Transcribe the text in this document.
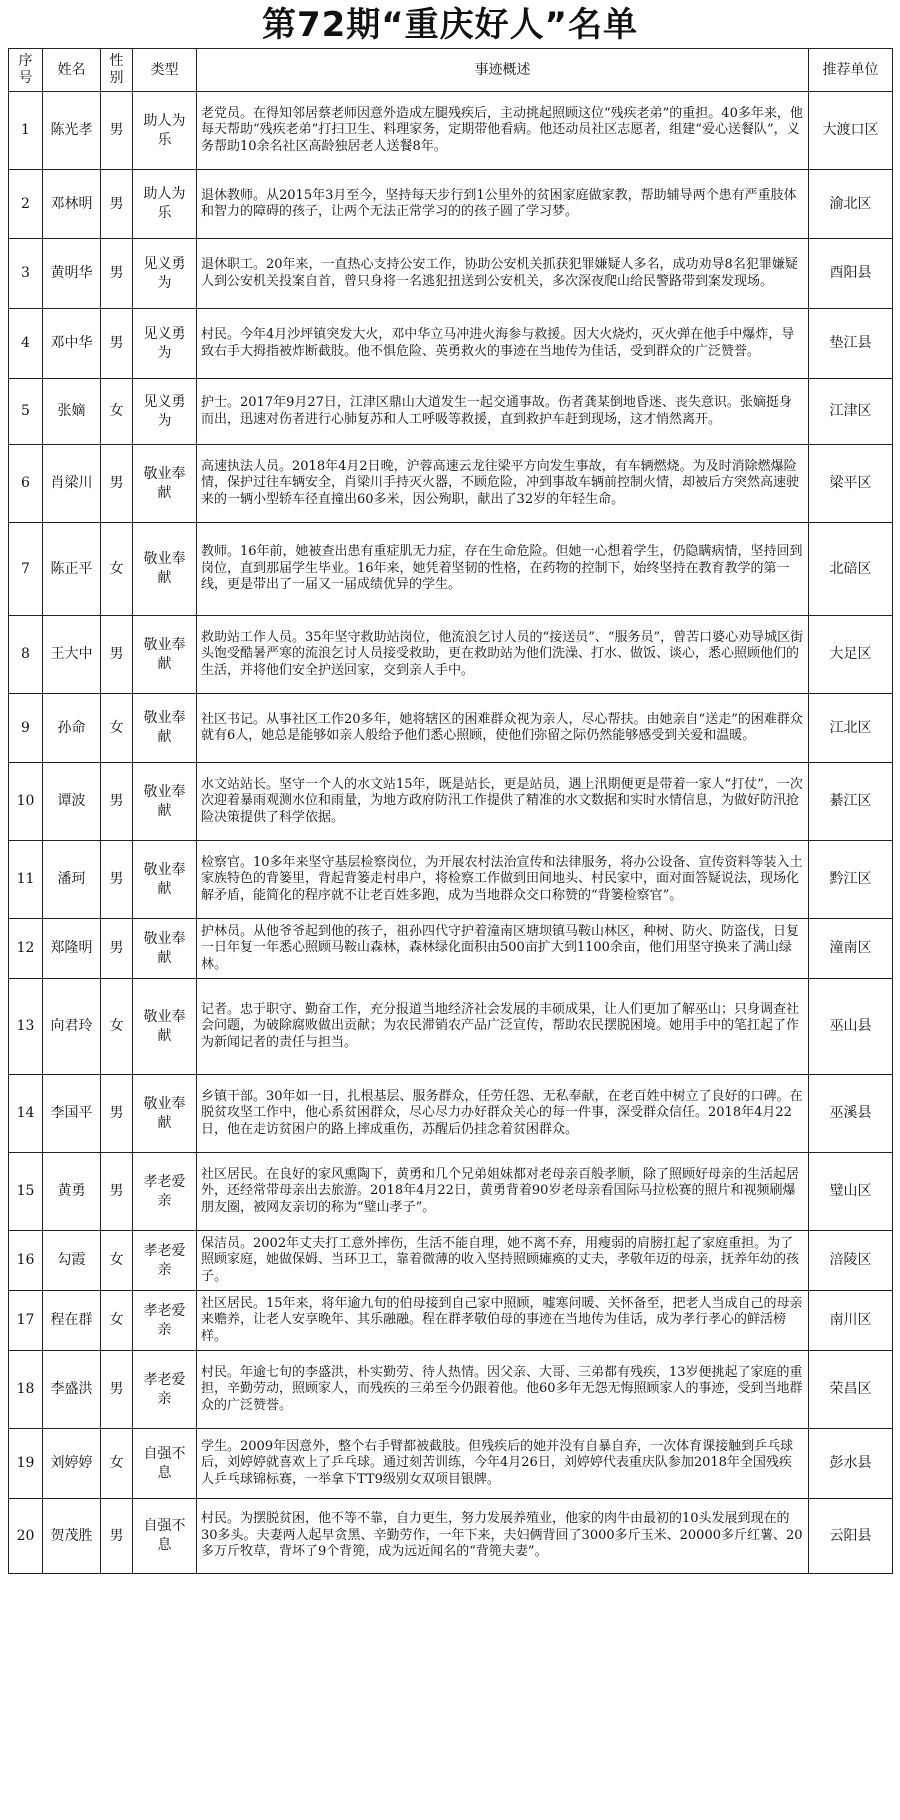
第72期“重庆好人”名单
序号	姓名	性别	类型	事迹概述	推荐单位
1	陈光孝	男	助人为乐	老党员。在得知邻居蔡老师因意外造成左腿残疾后，主动挑起照顾这位“残疾老弟”的重担。40多年来，他每天帮助“残疾老弟”打扫卫生、料理家务，定期带他看病。他还动员社区志愿者，组建“爱心送餐队”，义务帮助10余名社区高龄独居老人送餐8年。	大渡口区
2	邓林明	男	助人为乐	退休教师。从2015年3月至今，坚持每天步行到1公里外的贫困家庭做家教，帮助辅导两个患有严重肢体和智力的障碍的孩子，让两个无法正常学习的的孩子圆了学习梦。	渝北区
3	黄明华	男	见义勇为	退休职工。20年来，一直热心支持公安工作，协助公安机关抓获犯罪嫌疑人多名，成功劝导8名犯罪嫌疑人到公安机关投案自首，曾只身将一名逃犯扭送到公安机关，多次深夜爬山给民警路带到案发现场。	酉阳县
4	邓中华	男	见义勇为	村民。今年4月沙坪镇突发大火，邓中华立马冲进火海参与救援。因大火烧灼，灭火弹在他手中爆炸，导致右手大拇指被炸断截肢。他不惧危险、英勇救火的事迹在当地传为佳话，受到群众的广泛赞誉。	垫江县
5	张嫡	女	见义勇为	护士。2017年9月27日，江津区鼎山大道发生一起交通事故。伤者龚某倒地昏迷、丧失意识。张嫡挺身而出，迅速对伤者进行心肺复苏和人工呼吸等救援，直到救护车赶到现场，这才悄然离开。	江津区
6	肖梁川	男	敬业奉献	高速执法人员。2018年4月2日晚，沪蓉高速云龙往梁平方向发生事故，有车辆燃烧。为及时消除燃爆险情，保护过往车辆安全，肖梁川手持灭火器，不顾危险，冲到事故车辆前控制火情，却被后方突然高速驶来的一辆小型轿车径直撞出60多米，因公殉职，献出了32岁的年轻生命。	梁平区
7	陈正平	女	敬业奉献	教师。16年前，她被查出患有重症肌无力症，存在生命危险。但她一心想着学生，仍隐瞒病情，坚持回到岗位，直到那届学生毕业。16年来，她凭着坚韧的性格，在药物的控制下，始终坚持在教育教学的第一线，更是带出了一届又一届成绩优异的学生。	北碚区
8	王大中	男	敬业奉献	救助站工作人员。35年坚守救助站岗位，他流浪乞讨人员的“接送员”、“服务员”，曾苦口婆心劝导城区街头饱受酷暑严寒的流浪乞讨人员接受救助，更在救助站为他们洗澡、打水、做饭、谈心，悉心照顾他们的生活，并将他们安全护送回家，交到亲人手中。	大足区
9	孙命	女	敬业奉献	社区书记。从事社区工作20多年，她将辖区的困难群众视为亲人，尽心帮扶。由她亲自“送走”的困难群众就有6人，她总是能够如亲人般给予他们悉心照顾，使他们弥留之际仍然能够感受到关爱和温暖。	江北区
10	谭波	男	敬业奉献	水文站站长。坚守一个人的水文站15年，既是站长，更是站员，遇上汛期便更是带着一家人“打仗”，一次次迎着暴雨观测水位和雨量，为地方政府防汛工作提供了精准的水文数据和实时水情信息，为做好防汛抢险决策提供了科学依据。	綦江区
11	潘珂	男	敬业奉献	检察官。10多年来坚守基层检察岗位，为开展农村法治宣传和法律服务，将办公设备、宣传资料等装入土家族特色的背篓里，背起背篓走村串户，将检察工作做到田间地头、村民家中，面对面答疑说法，现场化解矛盾，能简化的程序就不让老百姓多跑，成为当地群众交口称赞的“背篓检察官”。	黔江区
12	郑隆明	男	敬业奉献	护林员。从他爷爷起到他的孩子，祖孙四代守护着潼南区塘坝镇马鞍山林区，种树、防火、防盗伐，日复一日年复一年悉心照顾马鞍山森林，森林绿化面积由500亩扩大到1100余亩，他们用坚守换来了满山绿林。	潼南区
13	向君玲	女	敬业奉献	记者。忠于职守、勤奋工作，充分报道当地经济社会发展的丰硕成果，让人们更加了解巫山；只身调查社会问题，为破除腐败做出贡献；为农民滞销农产品广泛宣传，帮助农民摆脱困境。她用手中的笔扛起了作为新闻记者的责任与担当。	巫山县
14	李国平	男	敬业奉献	乡镇干部。30年如一日，扎根基层、服务群众，任劳任怨、无私奉献，在老百姓中树立了良好的口碑。在脱贫攻坚工作中，他心系贫困群众，尽心尽力办好群众关心的每一件事，深受群众信任。2018年4月22日，他在走访贫困户的路上摔成重伤，苏醒后仍挂念着贫困群众。	巫溪县
15	黄勇	男	孝老爱亲	社区居民。在良好的家风熏陶下，黄勇和几个兄弟姐妹都对老母亲百般孝顺，除了照顾好母亲的生活起居外，还经常带母亲出去旅游。2018年4月22日，黄勇背着90岁老母亲看国际马拉松赛的照片和视频刷爆朋友圈，被网友亲切的称为“璧山孝子”。	璧山区
16	勾霞	女	孝老爱亲	保洁员。2002年丈夫打工意外摔伤，生活不能自理，她不离不弃，用瘦弱的肩膀扛起了家庭重担。为了照顾家庭，她做保姆、当环卫工，靠着微薄的收入坚持照顾瘫痪的丈夫，孝敬年迈的母亲，抚养年幼的孩子。	涪陵区
17	程在群	女	孝老爱亲	社区居民。15年来，将年逾九旬的伯母接到自己家中照顾，嘘寒问暖、关怀备至，把老人当成自己的母亲来赡养，让老人安享晚年、其乐融融。程在群孝敬伯母的事迹在当地传为佳话，成为孝行孝心的鲜活榜样。	南川区
18	李盛洪	男	孝老爱亲	村民。年逾七旬的李盛洪，朴实勤劳、待人热情。因父亲、大哥、三弟都有残疾，13岁便挑起了家庭的重担，辛勤劳动，照顾家人，而残疾的三弟至今仍跟着他。他60多年无怨无悔照顾家人的事迹，受到当地群众的广泛赞誉。	荣昌区
19	刘婷婷	女	自强不息	学生。2009年因意外，整个右手臂都被截肢。但残疾后的她并没有自暴自弃，一次体育课接触到乒乓球后，刘婷婷就喜欢上了乒乓球。通过刻苦训练，今年4月26日，刘婷婷代表重庆队参加2018年全国残疾人乒乓球锦标赛，一举拿下TT9级别女双项目银牌。	彭水县
20	贺茂胜	男	自强不息	村民。为摆脱贫困，他不等不靠，自力更生，努力发展养殖业，他家的肉牛由最初的10头发展到现在的30多头。夫妻两人起早贪黑、辛勤劳作，一年下来，夫妇俩背回了3000多斤玉米、20000多斤红薯、20多万斤牧草，背坏了9个背篼，成为远近闻名的“背篼夫妻”。	云阳县
